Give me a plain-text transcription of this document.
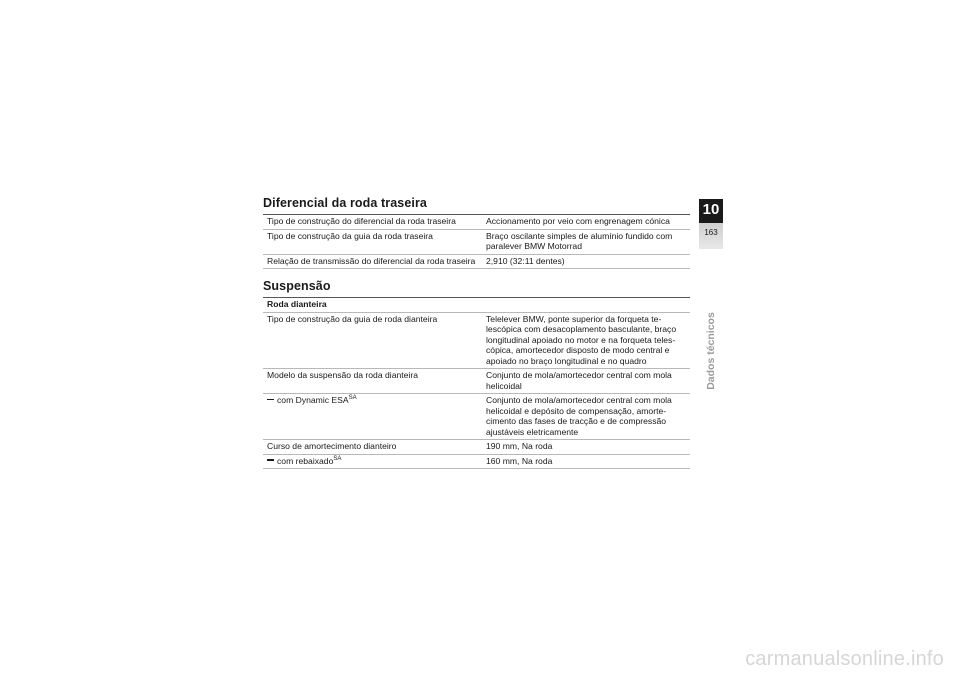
Diferencial da roda traseira
Tipo de construção do diferencial da roda traseira	Accionamento por veio com engrenagem cónica
Tipo de construção da guia da roda traseira	Braço oscilante simples de alumínio fundido com paralever BMW Motorrad
Relação de transmissão do diferencial da roda traseira	2,910 (32:11 dentes)
Suspensão
Roda dianteira	
Tipo de construção da guia de roda dianteira	Telelever BMW, ponte superior da forqueta te-lescópica com desacoplamento basculante, braço longitudinal apoiado no motor e na forqueta teles-cópica, amortecedor disposto de modo central e apoiado no braço longitudinal e no quadro
Modelo da suspensão da roda dianteira	Conjunto de mola/amortecedor central com mola helicoidal
com Dynamic $ESA^{SA}$	Conjunto de mola/amortecedor central com mola helicoidal e depósito de compensação, amorte-cimento das fases de tracção e de compressão ajustáveis eletricamente
Curso de amortecimento dianteiro	190 mm, Na roda
com rebaixado$^{SA}$	160 mm, Na roda
10
163
Dados técnicos
carmanualsonline.info
